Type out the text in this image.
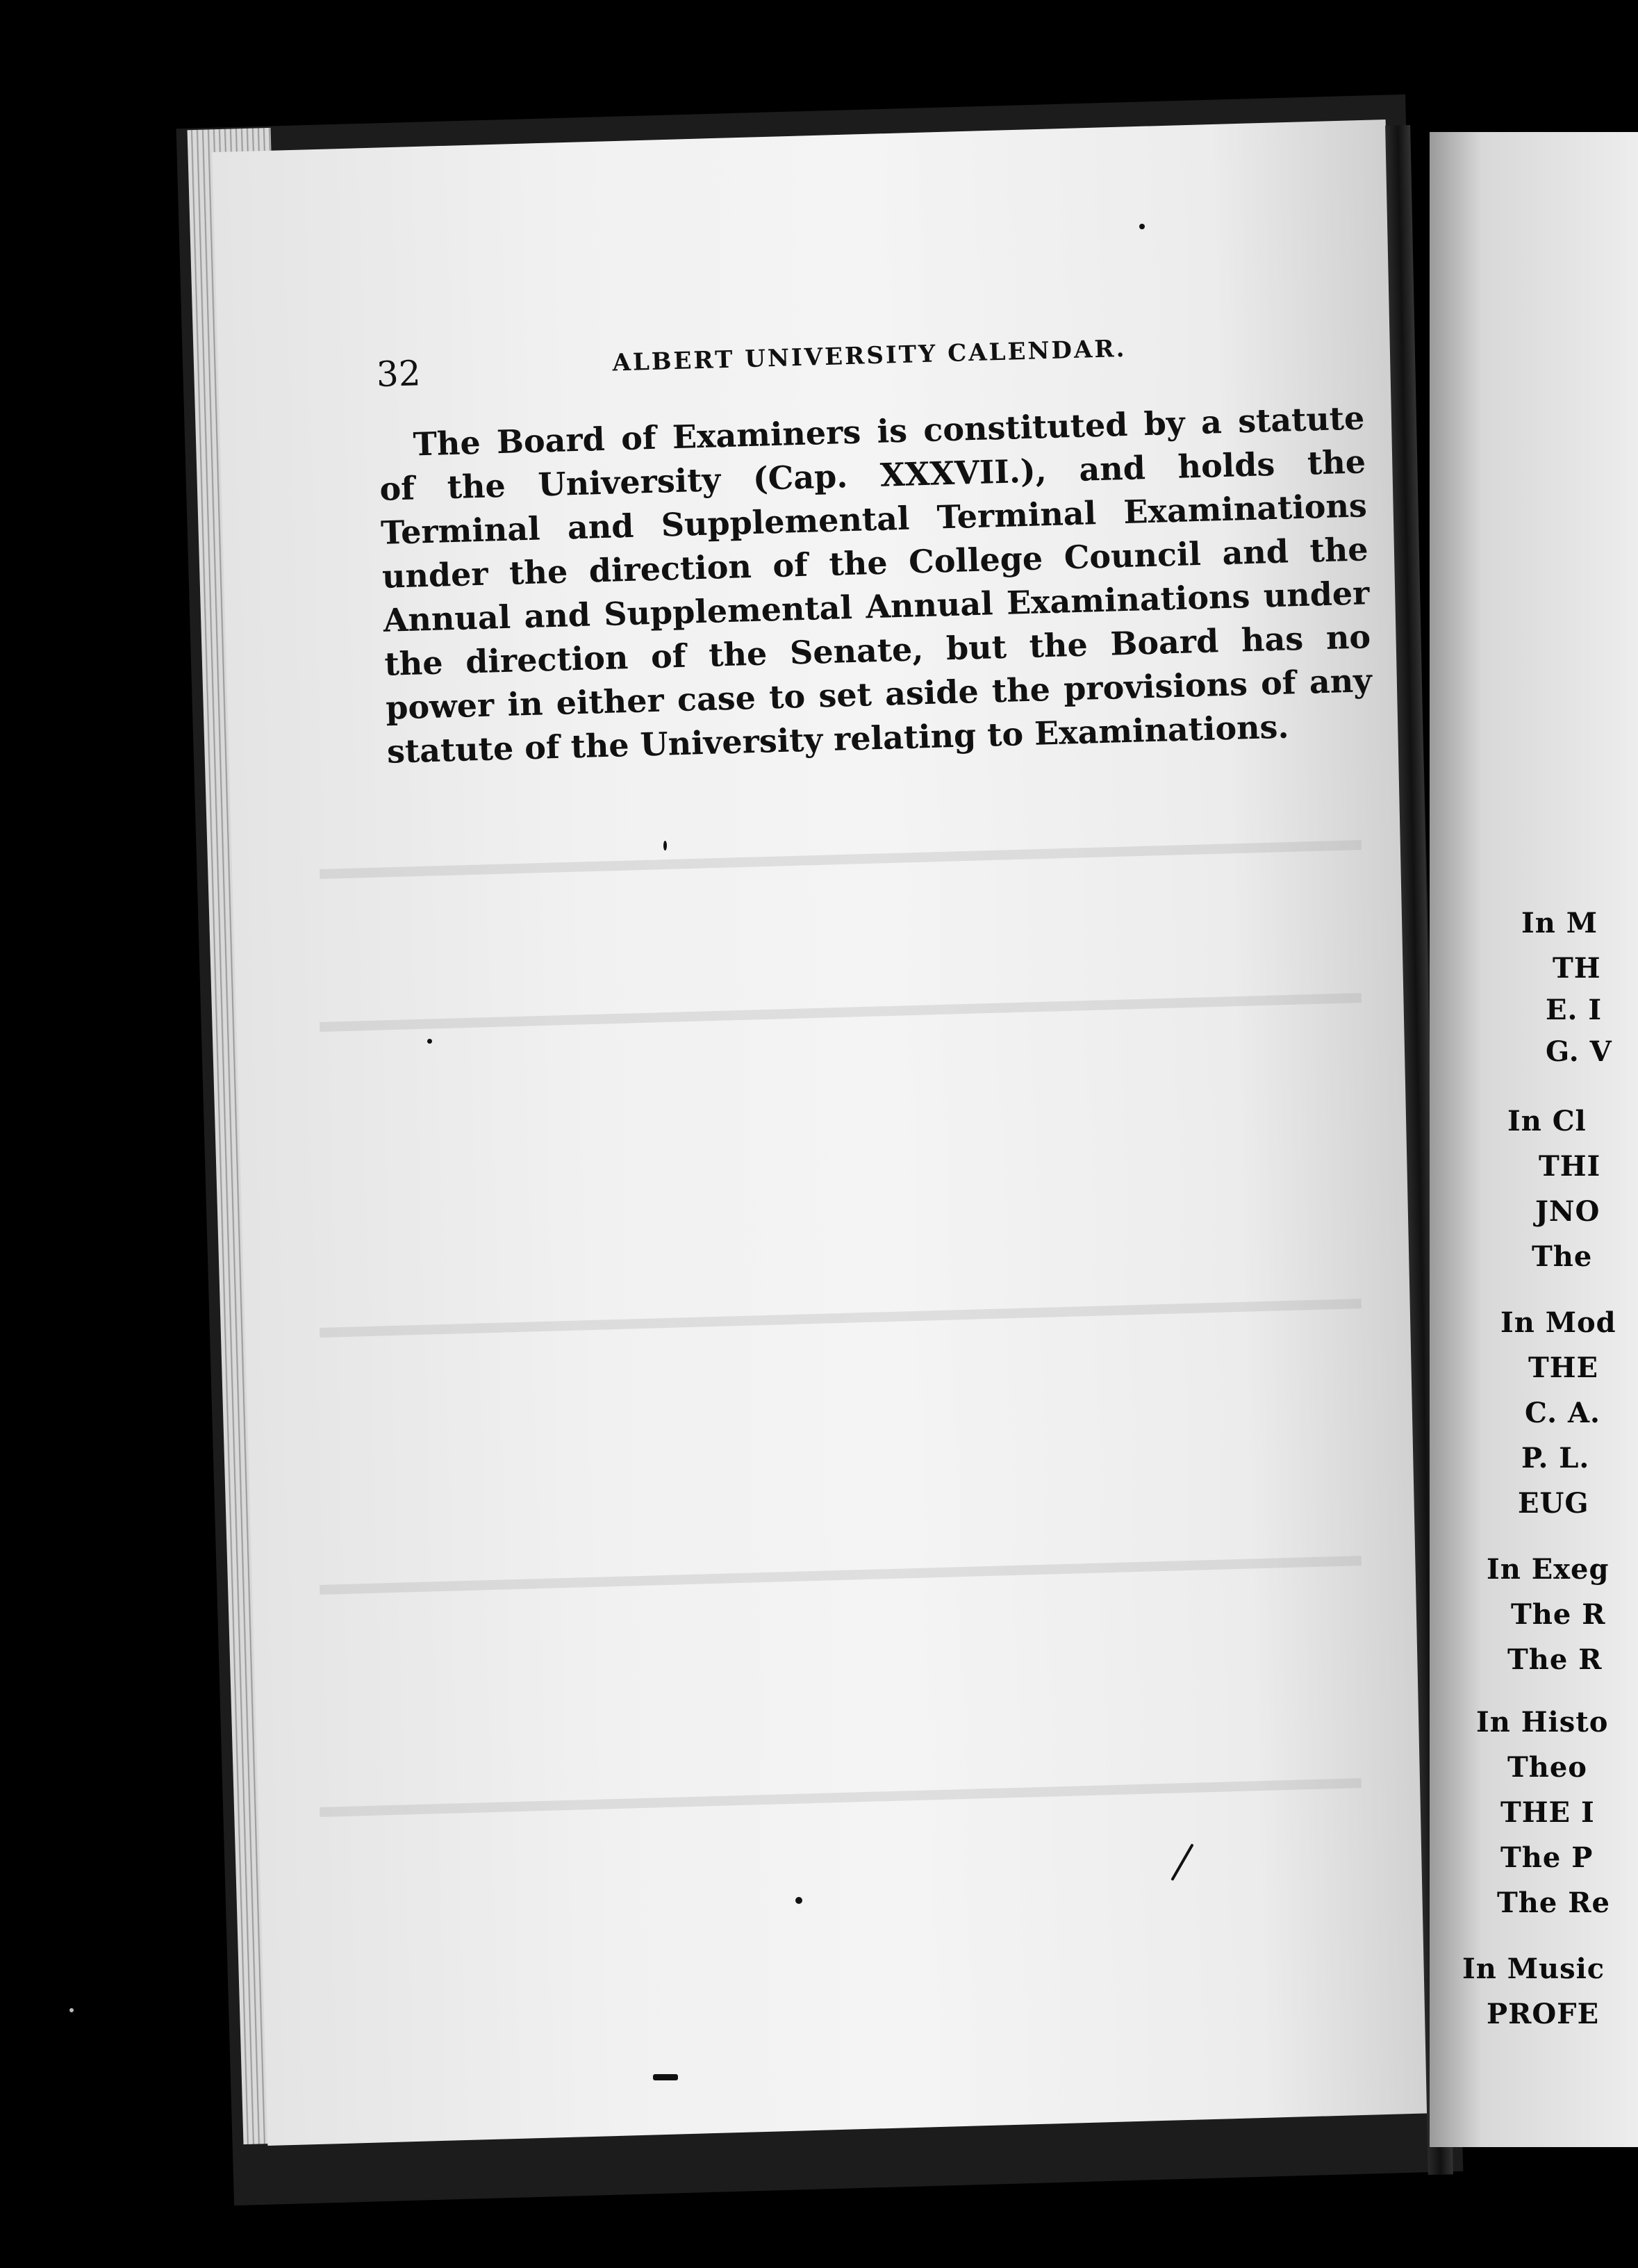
32	ALBERT UNIVERSITY CALENDAR.

The Board of Examiners is constituted by a statute of the University (Cap. XXXVII.), and holds the Terminal and Supplemental Terminal Examinations under the direction of the College Council and the Annual and Supplemental Annual Examinations under the direction of the Senate, but the Board has no power in either case to set aside the provisions of any statute of the University relating to Examinations.

In M
TH
E. I
G. V
In Cl
THI
JNO
The
In Mod
THE
C. A.
P. L.
EUG
In Exeg
The R
The R
In Histo
Theo
THE I
The P
The Re
In Music
PROFE
